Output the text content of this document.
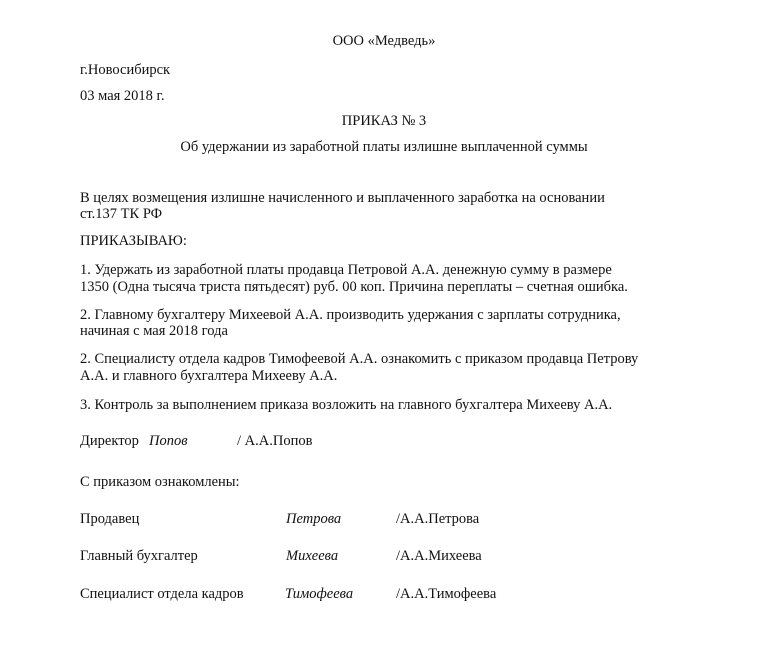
ООО «Медведь»
г.Новосибирск
03 мая 2018 г.
ПРИКАЗ № 3
Об удержании из заработной платы излишне выплаченной суммы
В целях возмещения излишне начисленного и выплаченного заработка на основании
ст.137 ТК РФ
ПРИКАЗЫВАЮ:
1. Удержать из заработной платы продавца Петровой А.А. денежную сумму в размере
1350 (Одна тысяча триста пятьдесят) руб. 00 коп. Причина переплаты – счетная ошибка.
2. Главному бухгалтеру Михеевой А.А. производить удержания с зарплаты сотрудника,
начиная с мая 2018 года
2. Специалисту отдела кадров Тимофеевой А.А. ознакомить с приказом продавца Петрову
А.А. и главного бухгалтера Михееву А.А.
3. Контроль за выполнением приказа возложить на главного бухгалтера Михееву А.А.
Директор Попов	/ А.А.Попов
С приказом ознакомлены:
Продавец	Петрова	/А.А.Петрова
Главный бухгалтер	Михеева	/А.А.Михеева
Специалист отдела кадров	Тимофеева	/А.А.Тимофеева
